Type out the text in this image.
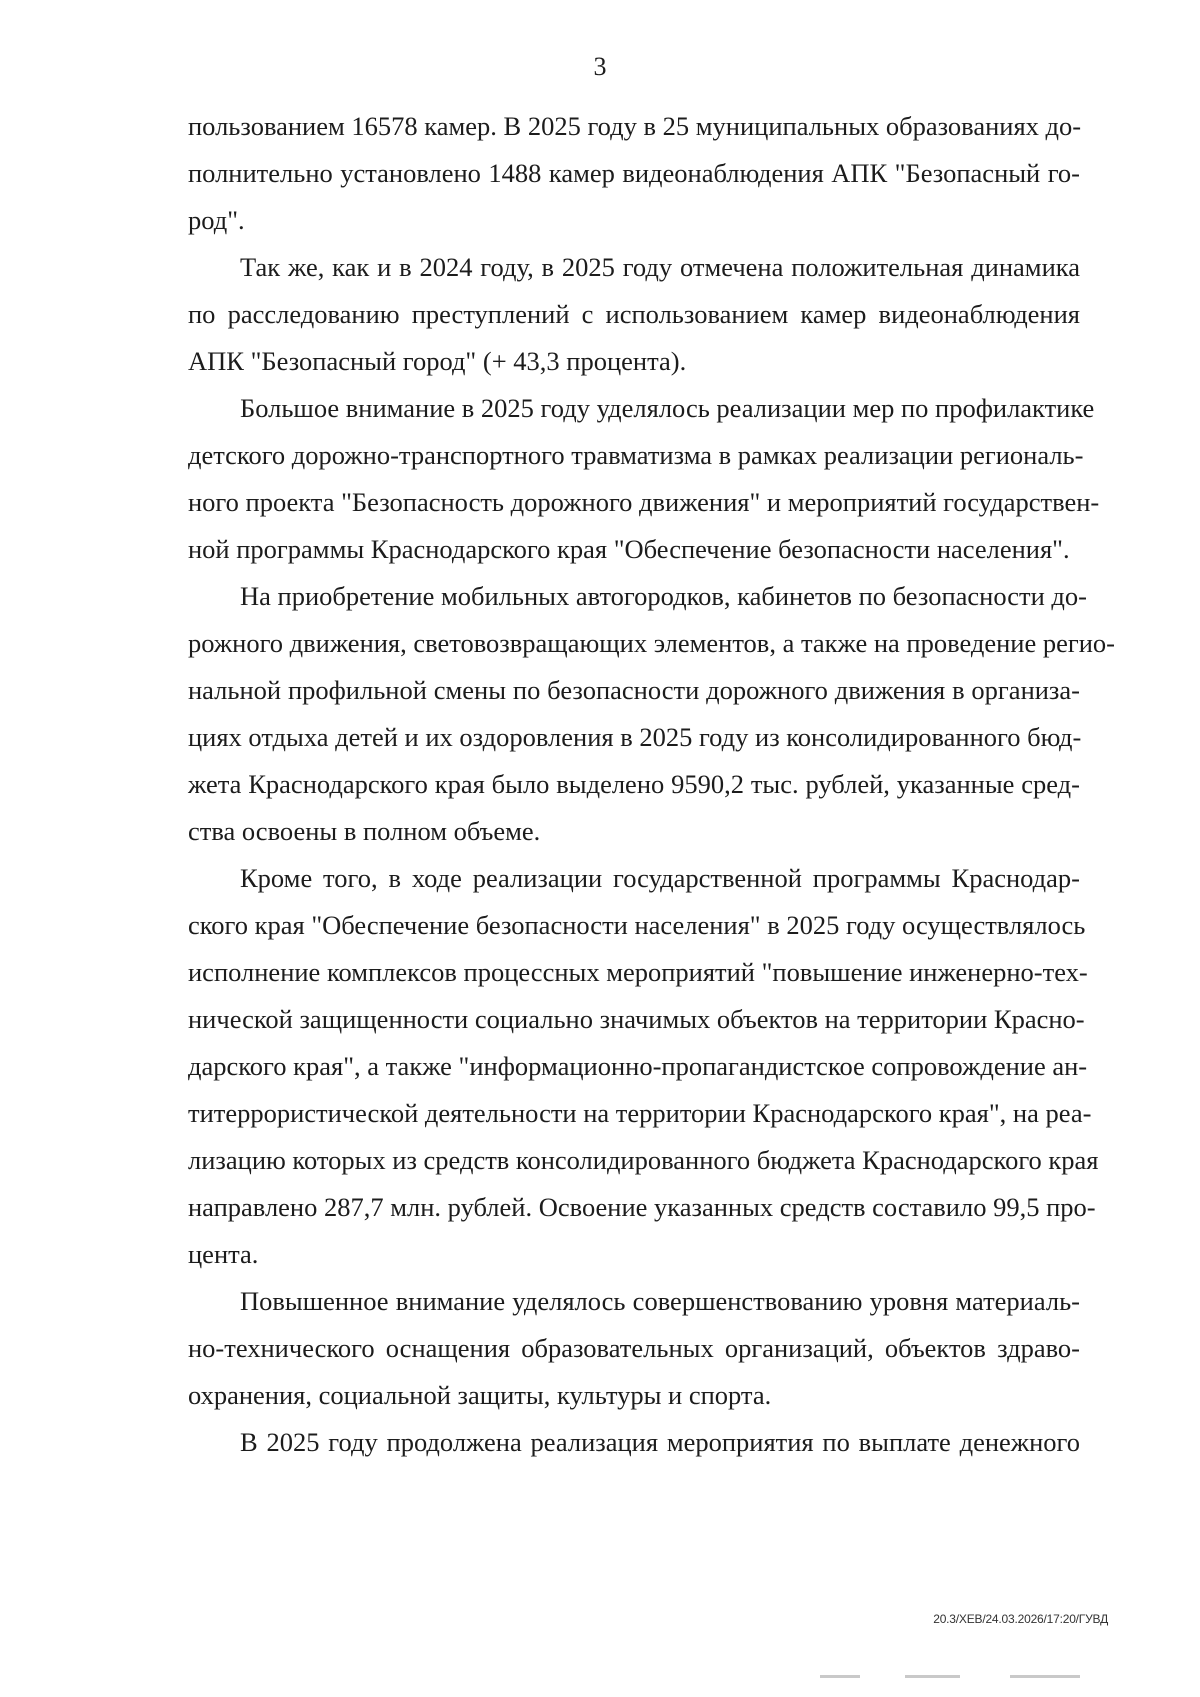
3
пользованием 16578 камер. В 2025 году в 25 муниципальных образованиях до-
полнительно установлено 1488 камер видеонаблюдения АПК "Безопасный го-
род".
Так же, как и в 2024 году, в 2025 году отмечена положительная динамика
по расследованию преступлений с использованием камер видеонаблюдения
АПК "Безопасный город" (+ 43,3 процента).
Большое внимание в 2025 году уделялось реализации мер по профилактике
детского дорожно-транспортного травматизма в рамках реализации региональ-
ного проекта "Безопасность дорожного движения" и мероприятий государствен-
ной программы Краснодарского края "Обеспечение безопасности населения".
На приобретение мобильных автогородков, кабинетов по безопасности до-
рожного движения, световозвращающих элементов, а также на проведение регио-
нальной профильной смены по безопасности дорожного движения в организа-
циях отдыха детей и их оздоровления в 2025 году из консолидированного бюд-
жета Краснодарского края было выделено 9590,2 тыс. рублей, указанные сред-
ства освоены в полном объеме.
Кроме того, в ходе реализации государственной программы Краснодар-
ского края "Обеспечение безопасности населения" в 2025 году осуществлялось
исполнение комплексов процессных мероприятий "повышение инженерно-тех-
нической защищенности социально значимых объектов на территории Красно-
дарского края", а также "информационно-пропагандистское сопровождение ан-
титеррористической деятельности на территории Краснодарского края", на реа-
лизацию которых из средств консолидированного бюджета Краснодарского края
направлено 287,7 млн. рублей. Освоение указанных средств составило 99,5 про-
цента.
Повышенное внимание уделялось совершенствованию уровня материаль-
но-технического оснащения образовательных организаций, объектов здраво-
охранения, социальной защиты, культуры и спорта.
В 2025 году продолжена реализация мероприятия по выплате денежного
20.3/ХЕВ/24.03.2026/17:20/ГУВД
